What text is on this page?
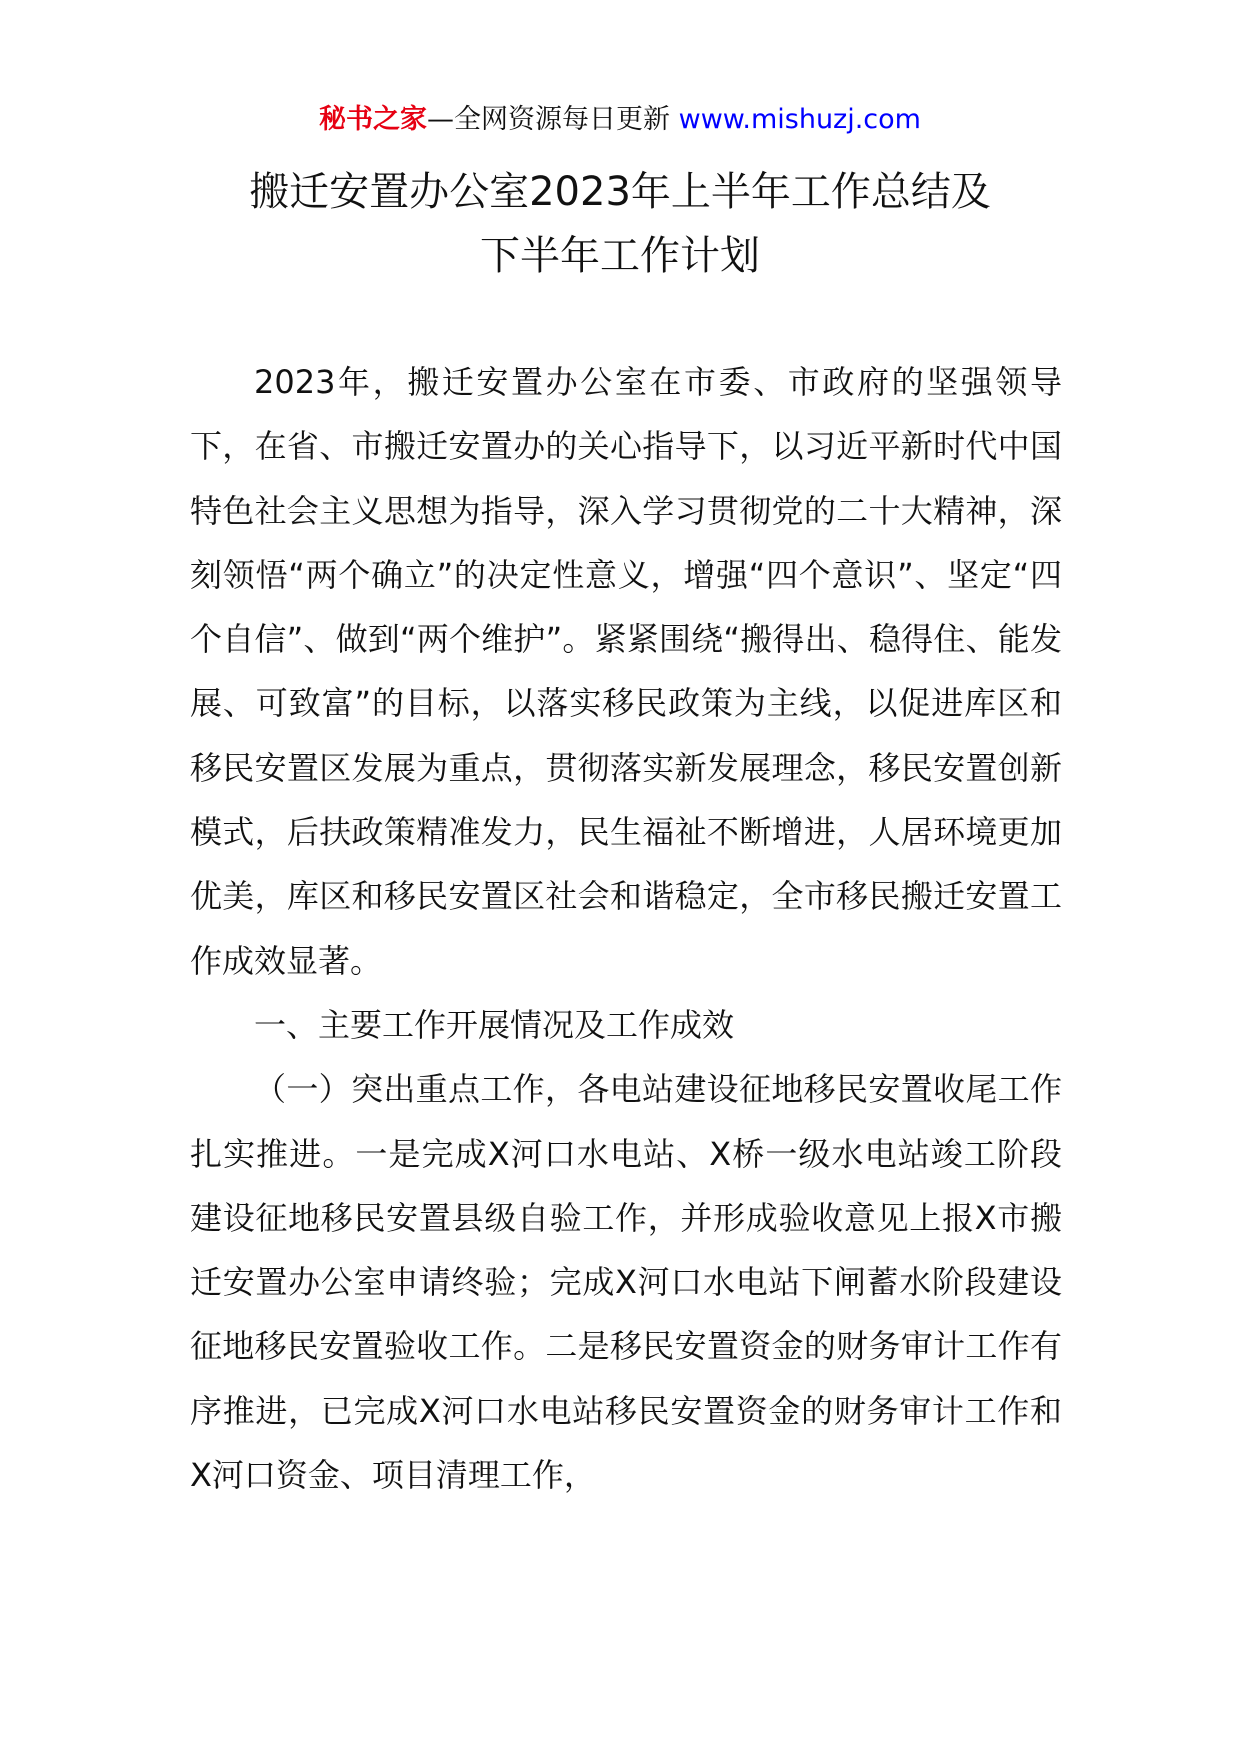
秘书之家—全网资源每日更新 www.mishuzj.com
搬迁安置办公室2023年上半年工作总结及
下半年工作计划

2023年，搬迁安置办公室在市委、市政府的坚强领导下，在省、市搬迁安置办的关心指导下，以习近平新时代中国特色社会主义思想为指导，深入学习贯彻党的二十大精神，深刻领悟“两个确立”的决定性意义，增强“四个意识”、坚定“四个自信”、做到“两个维护”。紧紧围绕“搬得出、稳得住、能发展、可致富”的目标，以落实移民政策为主线，以促进库区和移民安置区发展为重点，贯彻落实新发展理念，移民安置创新模式，后扶政策精准发力，民生福祉不断增进，人居环境更加优美，库区和移民安置区社会和谐稳定，全市移民搬迁安置工作成效显著。

一、主要工作开展情况及工作成效

（一）突出重点工作，各电站建设征地移民安置收尾工作扎实推进。一是完成X河口水电站、X桥一级水电站竣工阶段建设征地移民安置县级自验工作，并形成验收意见上报X市搬迁安置办公室申请终验；完成X河口水电站下闸蓄水阶段建设征地移民安置验收工作。二是移民安置资金的财务审计工作有序推进，已完成X河口水电站移民安置资金的财务审计工作和X河口资金、项目清理工作，
